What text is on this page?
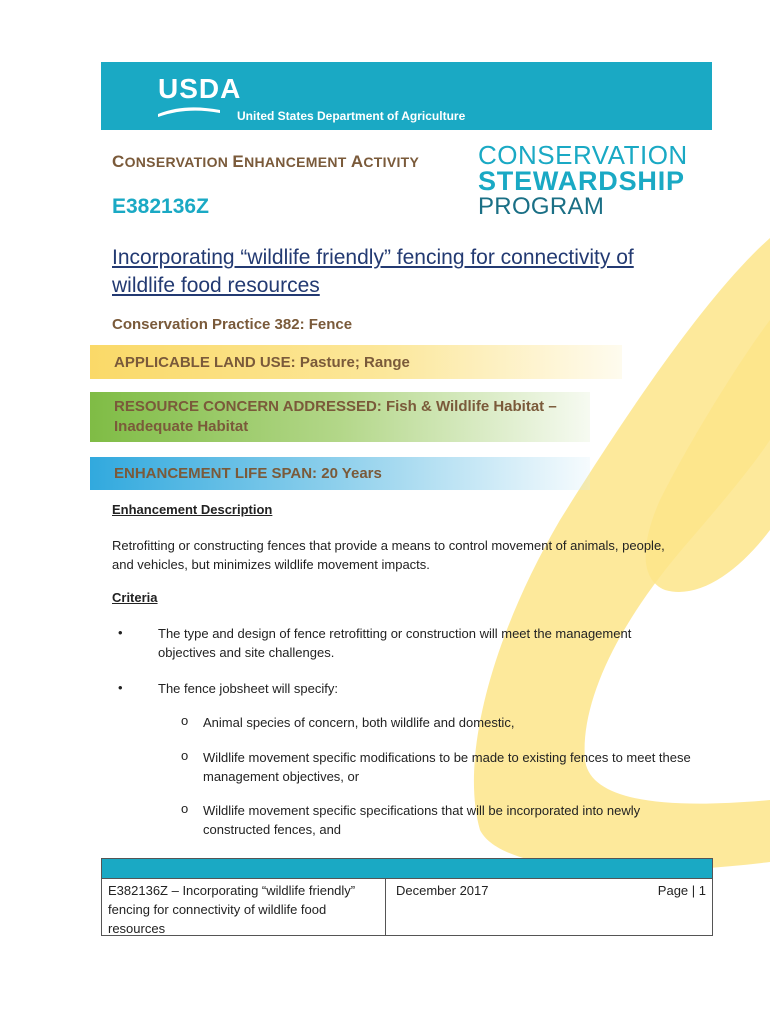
USDA
United States Department of Agriculture
CONSERVATION ENHANCEMENT ACTIVITY
E382136Z
CONSERVATION
STEWARDSHIP
PROGRAM
Incorporating “wildlife friendly” fencing for connectivity of
wildlife food resources
Conservation Practice 382: Fence
APPLICABLE LAND USE: Pasture; Range
RESOURCE CONCERN ADDRESSED: Fish & Wildlife Habitat –
Inadequate Habitat
ENHANCEMENT LIFE SPAN: 20 Years
Enhancement Description
Retrofitting or constructing fences that provide a means to control movement of animals, people, and vehicles, but minimizes wildlife movement impacts.
Criteria
•	The type and design of fence retrofitting or construction will meet the management objectives and site challenges.
•	The fence jobsheet will specify:
o Animal species of concern, both wildlife and domestic,
o Wildlife movement specific modifications to be made to existing fences to meet these management objectives, or
o Wildlife movement specific specifications that will be incorporated into newly constructed fences, and
E382136Z – Incorporating “wildlife friendly” fencing for connectivity of wildlife food resources
December 2017	Page | 1
